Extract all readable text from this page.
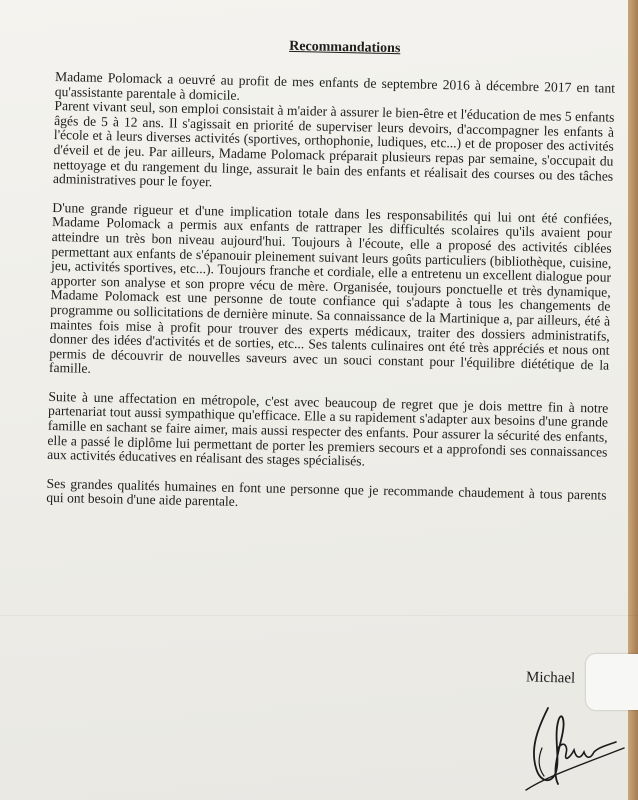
Recommandations

Madame Polomack a oeuvré au profit de mes enfants de septembre 2016 à décembre 2017 en tant qu'assistante parentale à domicile.

Parent vivant seul, son emploi consistait à m'aider à assurer le bien-être et l'éducation de mes 5 enfants âgés de 5 à 12 ans. Il s'agissait en priorité de superviser leurs devoirs, d'accompagner les enfants à l'école et à leurs diverses activités (sportives, orthophonie, ludiques, etc...) et de proposer des activités d'éveil et de jeu. Par ailleurs, Madame Polomack préparait plusieurs repas par semaine, s'occupait du nettoyage et du rangement du linge, assurait le bain des enfants et réalisait des courses ou des tâches administratives pour le foyer.

D'une grande rigueur et d'une implication totale dans les responsabilités qui lui ont été confiées, Madame Polomack a permis aux enfants de rattraper les difficultés scolaires qu'ils avaient pour atteindre un très bon niveau aujourd'hui. Toujours à l'écoute, elle a proposé des activités ciblées permettant aux enfants de s'épanouir pleinement suivant leurs goûts particuliers (bibliothèque, cuisine, jeu, activités sportives, etc...). Toujours franche et cordiale, elle a entretenu un excellent dialogue pour apporter son analyse et son propre vécu de mère. Organisée, toujours ponctuelle et très dynamique, Madame Polomack est une personne de toute confiance qui s'adapte à tous les changements de programme ou sollicitations de dernière minute. Sa connaissance de la Martinique a, par ailleurs, été à maintes fois mise à profit pour trouver des experts médicaux, traiter des dossiers administratifs, donner des idées d'activités et de sorties, etc... Ses talents culinaires ont été très appréciés et nous ont permis de découvrir de nouvelles saveurs avec un souci constant pour l'équilibre diététique de la famille.

Suite à une affectation en métropole, c'est avec beaucoup de regret que je dois mettre fin à notre partenariat tout aussi sympathique qu'efficace. Elle a su rapidement s'adapter aux besoins d'une grande famille en sachant se faire aimer, mais aussi respecter des enfants. Pour assurer la sécurité des enfants, elle a passé le diplôme lui permettant de porter les premiers secours et a approfondi ses connaissances aux activités éducatives en réalisant des stages spécialisés.

Ses grandes qualités humaines en font une personne que je recommande chaudement à tous parents qui ont besoin d'une aide parentale.

Michael
